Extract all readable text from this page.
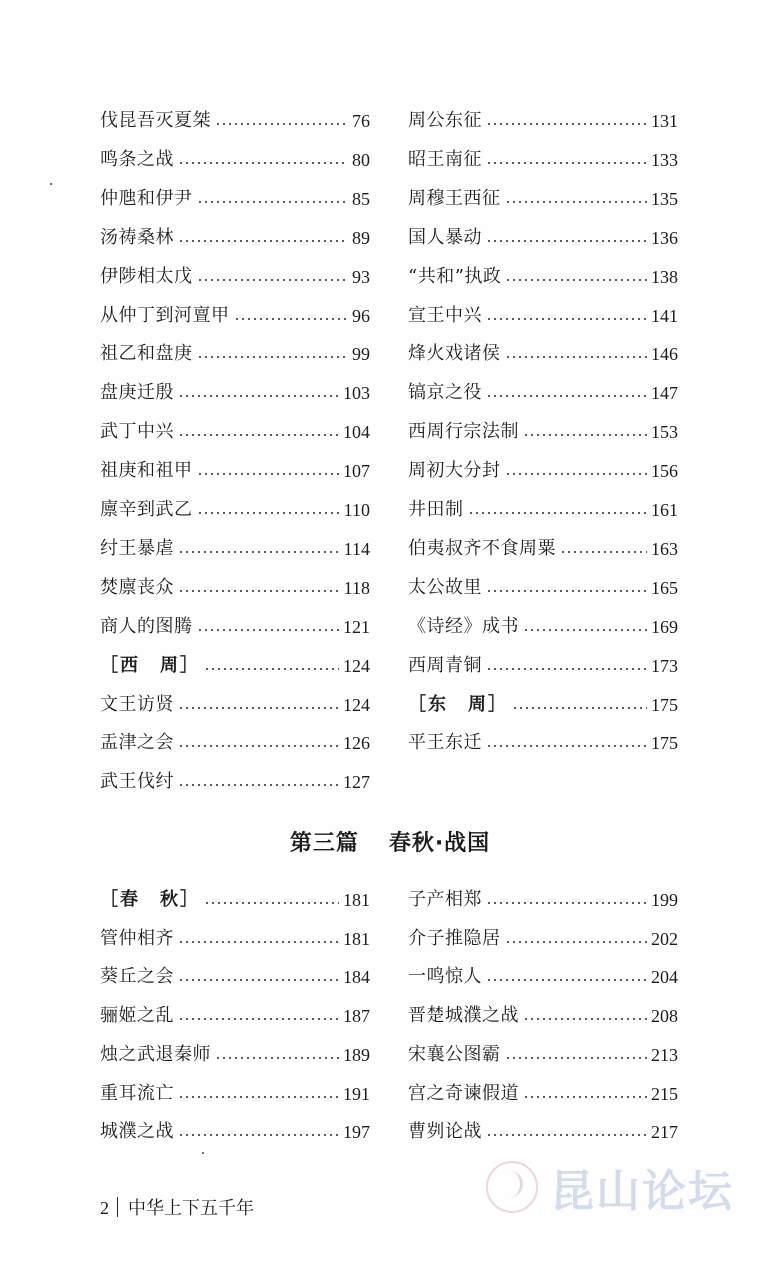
伐昆吾灭夏桀	76
鸣条之战	80
仲虺和伊尹	85
汤祷桑林	89
伊陟相太戊	93
从仲丁到河亶甲	96
祖乙和盘庚	99
盘庚迁殷	103
武丁中兴	104
祖庚和祖甲	107
廪辛到武乙	110
纣王暴虐	114
焚廪丧众	118
商人的图腾	121
［西　周］	124
文王访贤	124
盂津之会	126
武王伐纣	127
周公东征	131
昭王南征	133
周穆王西征	135
国人暴动	136
“共和”执政	138
宣王中兴	141
烽火戏诸侯	146
镐京之役	147
西周行宗法制	153
周初大分封	156
井田制	161
伯夷叔齐不食周粟	163
太公故里	165
《诗经》成书	169
西周青铜	173
［东　周］	175
平王东迁	175
第三篇 春秋·战国
［春　秋］	181
管仲相齐	181
葵丘之会	184
骊姬之乱	187
烛之武退秦师	189
重耳流亡	191
城濮之战	197
子产相郑	199
介子推隐居	202
一鸣惊人	204
晋楚城濮之战	208
宋襄公图霸	213
宫之奇谏假道	215
曹刿论战	217
2 中华上下五千年	昆山论坛
